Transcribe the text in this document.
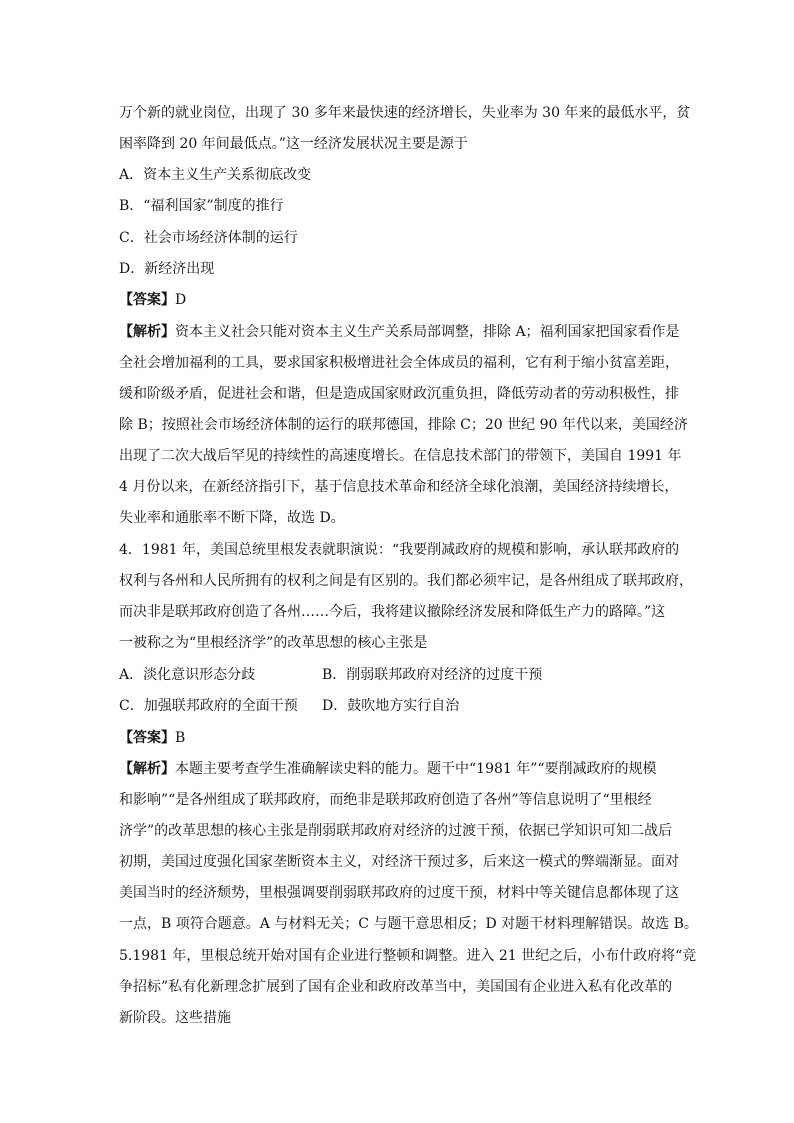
万个新的就业岗位，出现了 30 多年来最快速的经济增长，失业率为 30 年来的最低水平，贫
困率降到 20 年间最低点。”这一经济发展状况主要是源于
A．资本主义生产关系彻底改变
B．“福利国家”制度的推行
C．社会市场经济体制的运行
D．新经济出现
【答案】D
【解析】资本主义社会只能对资本主义生产关系局部调整，排除 A；福利国家把国家看作是
全社会增加福利的工具，要求国家积极增进社会全体成员的福利，它有利于缩小贫富差距，
缓和阶级矛盾，促进社会和谐，但是造成国家财政沉重负担，降低劳动者的劳动积极性，排
除 B；按照社会市场经济体制的运行的联邦德国，排除 C；20 世纪 90 年代以来，美国经济
出现了二次大战后罕见的持续性的高速度增长。在信息技术部门的带领下，美国自 1991 年
4 月份以来，在新经济指引下，基于信息技术革命和经济全球化浪潮，美国经济持续增长，
失业率和通胀率不断下降，故选 D。
4．1981 年，美国总统里根发表就职演说：“我要削减政府的规模和影响，承认联邦政府的
权利与各州和人民所拥有的权利之间是有区别的。我们都必须牢记，是各州组成了联邦政府，
而决非是联邦政府创造了各州……今后，我将建议撤除经济发展和降低生产力的路障。”这
一被称之为“里根经济学”的改革思想的核心主张是
A．淡化意识形态分歧	B．削弱联邦政府对经济的过度干预
C．加强联邦政府的全面干预 D．鼓吹地方实行自治
【答案】B
【解析】本题主要考查学生准确解读史料的能力。题干中“1981 年”“要削减政府的规模
和影响”“是各州组成了联邦政府，而绝非是联邦政府创造了各州”等信息说明了“里根经
济学”的改革思想的核心主张是削弱联邦政府对经济的过渡干预，依据已学知识可知二战后
初期，美国过度强化国家垄断资本主义，对经济干预过多，后来这一模式的弊端渐显。面对
美国当时的经济颓势，里根强调要削弱联邦政府的过度干预，材料中等关键信息都体现了这
一点，B 项符合题意。A 与材料无关；C 与题干意思相反；D 对题干材料理解错误。故选 B。
5.1981 年，里根总统开始对国有企业进行整顿和调整。进入 21 世纪之后，小布什政府将“竞
争招标”私有化新理念扩展到了国有企业和政府改革当中，美国国有企业进入私有化改革的
新阶段。这些措施
